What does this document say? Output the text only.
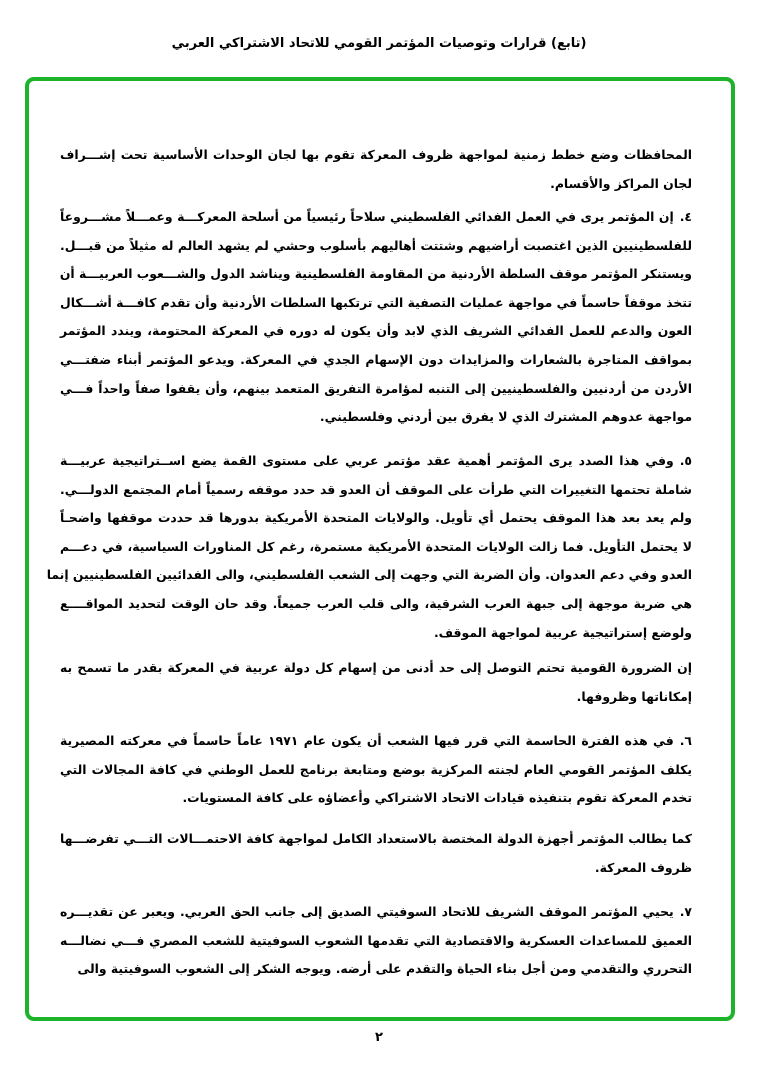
(تابع) قرارات وتوصيات المؤتمر القومي للاتحاد الاشتراكي العربي
المحافظات وضع خطط زمنية لمواجهة ظروف المعركة تقوم بها لجان الوحدات الأساسية تحت إشـــراف
لجان المراكز والأقسام.
٤.إن المؤتمر يرى في العمل الفدائي الفلسطيني سلاحاً رئيسياً من أسلحة المعركـــة وعمـــلاً مشـــروعاً
للفلسطينيين الذين اغتصبت أراضيهم وشتتت أهاليهم بأسلوب وحشي لم يشهد العالم له مثيلاً من قبـــل.
ويستنكر المؤتمر موقف السلطة الأردنية من المقاومة الفلسطينية ويناشد الدول والشـــعوب العربيـــة أن
تتخذ موقفاً حاسماً في مواجهة عمليات التصفية التي ترتكبها السلطات الأردنية وأن تقدم كافـــة أشـــكال
العون والدعم للعمل الفدائي الشريف الذي لابد وأن يكون له دوره في المعركة المحتومة، ويندد المؤتمر
بمواقف المتاجرة بالشعارات والمزايدات دون الإسهام الجدي في المعركة. ويدعو المؤتمر أبناء ضفتـــي
الأردن من أردنيين والفلسطينيين إلى التنبه لمؤامرة التفريق المتعمد بينهم، وأن يقفوا صفاً واحداً فـــي
مواجهة عدوهم المشترك الذي لا يفرق بين أردني وفلسطيني.
٥.وفي هذا الصدد يرى المؤتمر أهمية عقد مؤتمر عربي على مستوى القمة يضع اســتراتيجية عربيـــة
شاملة تحتمها التغييرات التي طرأت على الموقف أن العدو قد حدد موقفه رسمياً أمام المجتمع الدولـــي.
ولم يعد بعد هذا الموقف يحتمل أي تأويل. والولايات المتحدة الأمريكية بدورها قد حددت موقفها واضحـاً
لا يحتمل التأويل. فما زالت الولايات المتحدة الأمريكية مستمرة، رغم كل المناورات السياسية، في دعـــم
العدو وفي دعم العدوان. وأن الضربة التي وجهت إلى الشعب الفلسطيني، والى الفدائيين الفلسطينيين إنما
هي ضربة موجهة إلى جبهة العرب الشرقية، والى قلب العرب جميعاً. وقد حان الوقت لتحديد المواقــــع
ولوضع إستراتيجية عربية لمواجهة الموقف.
إن الضرورة القومية تحتم التوصل إلى حد أدنى من إسهام كل دولة عربية في المعركة بقدر ما تسمح به
إمكاناتها وظروفها.
٦.في هذه الفترة الحاسمة التي قرر فيها الشعب أن يكون عام ١٩٧١ عاماً حاسماً في معركته المصيرية
يكلف المؤتمر القومي العام لجنته المركزية بوضع ومتابعة برنامج للعمل الوطني في كافة المجالات التي
تخدم المعركة تقوم بتنفيذه قيادات الاتحاد الاشتراكي وأعضاؤه على كافة المستويات.
كما يطالب المؤتمر أجهزة الدولة المختصة بالاستعداد الكامل لمواجهة كافة الاحتمـــالات التـــي تفرضـــها
ظروف المعركة.
٧.يحيي المؤتمر الموقف الشريف للاتحاد السوفيتي الصديق إلى جانب الحق العربي. ويعبر عن تقديـــره
العميق للمساعدات العسكرية والاقتصادية التي تقدمها الشعوب السوفيتية للشعب المصري فـــي نضالـــه
التحرري والتقدمي ومن أجل بناء الحياة والتقدم على أرضه. ويوجه الشكر إلى الشعوب السوفيتية والى
٢
